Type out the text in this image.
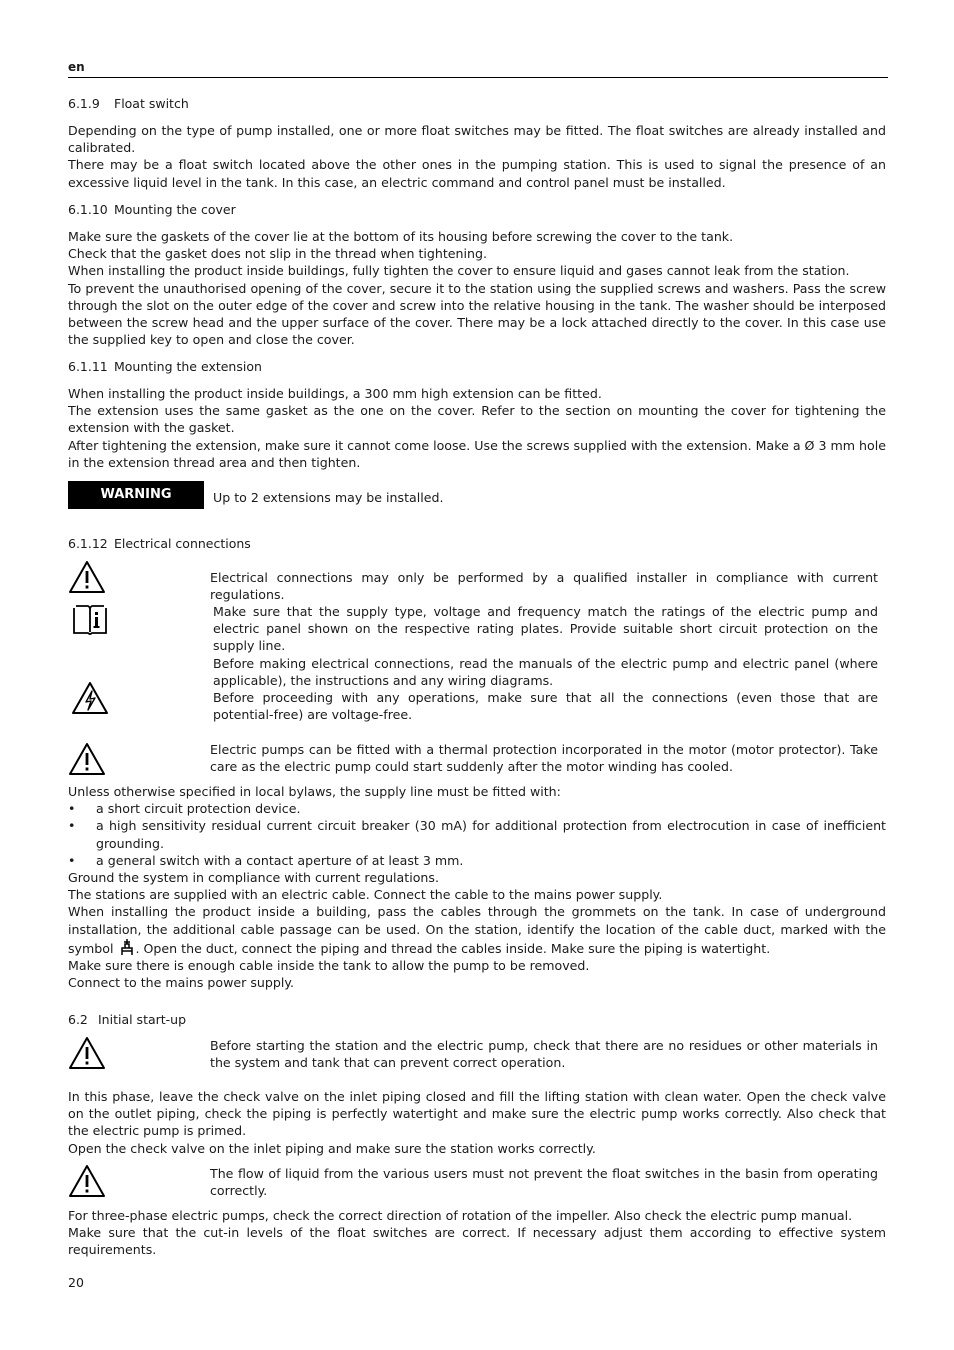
en
6.1.9 Float switch

Depending on the type of pump installed, one or more float switches may be fitted. The float switches are already installed and calibrated.

There may be a float switch located above the other ones in the pumping station. This is used to signal the presence of an excessive liquid level in the tank. In this case, an electric command and control panel must be installed.

6.1.10 Mounting the cover

Make sure the gaskets of the cover lie at the bottom of its housing before screwing the cover to the tank.

Check that the gasket does not slip in the thread when tightening.

When installing the product inside buildings, fully tighten the cover to ensure liquid and gases cannot leak from the station.

To prevent the unauthorised opening of the cover, secure it to the station using the supplied screws and washers. Pass the screw through the slot on the outer edge of the cover and screw into the relative housing in the tank. The washer should be interposed between the screw head and the upper surface of the cover. There may be a lock attached directly to the cover. In this case use the supplied key to open and close the cover.

6.1.11 Mounting the extension

When installing the product inside buildings, a 300 mm high extension can be fitted.

The extension uses the same gasket as the one on the cover. Refer to the section on mounting the cover for tightening the extension with the gasket.

After tightening the extension, make sure it cannot come loose. Use the screws supplied with the extension. Make a Ø 3 mm hole in the extension thread area and then tighten.

WARNING	Up to 2 extensions may be installed.

6.1.12 Electrical connections

Electrical connections may only be performed by a qualified installer in compliance with current regulations.

Make sure that the supply type, voltage and frequency match the ratings of the electric pump and electric panel shown on the respective rating plates. Provide suitable short circuit protection on the supply line.

Before making electrical connections, read the manuals of the electric pump and electric panel (where applicable), the instructions and any wiring diagrams.

Before proceeding with any operations, make sure that all the connections (even those that are potential-free) are voltage-free.

Electric pumps can be fitted with a thermal protection incorporated in the motor (motor protector). Take care as the electric pump could start suddenly after the motor winding has cooled.

Unless otherwise specified in local bylaws, the supply line must be fitted with:

• a short circuit protection device.
• a high sensitivity residual current circuit breaker (30 mA) for additional protection from electrocution in case of inefficient grounding.
• a general switch with a contact aperture of at least 3 mm.

Ground the system in compliance with current regulations.

The stations are supplied with an electric cable. Connect the cable to the mains power supply.

When installing the product inside a building, pass the cables through the grommets on the tank. In case of underground installation, the additional cable passage can be used. On the station, identify the location of the cable duct, marked with the symbol . Open the duct, connect the piping and thread the cables inside. Make sure the piping is watertight.

Make sure there is enough cable inside the tank to allow the pump to be removed.

Connect to the mains power supply.

6.2 Initial start-up

Before starting the station and the electric pump, check that there are no residues or other materials in the system and tank that can prevent correct operation.

In this phase, leave the check valve on the inlet piping closed and fill the lifting station with clean water. Open the check valve on the outlet piping, check the piping is perfectly watertight and make sure the electric pump works correctly. Also check that the electric pump is primed.

Open the check valve on the inlet piping and make sure the station works correctly.

The flow of liquid from the various users must not prevent the float switches in the basin from operating correctly.

For three-phase electric pumps, check the correct direction of rotation of the impeller. Also check the electric pump manual.

Make sure that the cut-in levels of the float switches are correct. If necessary adjust them according to effective system requirements.

20
